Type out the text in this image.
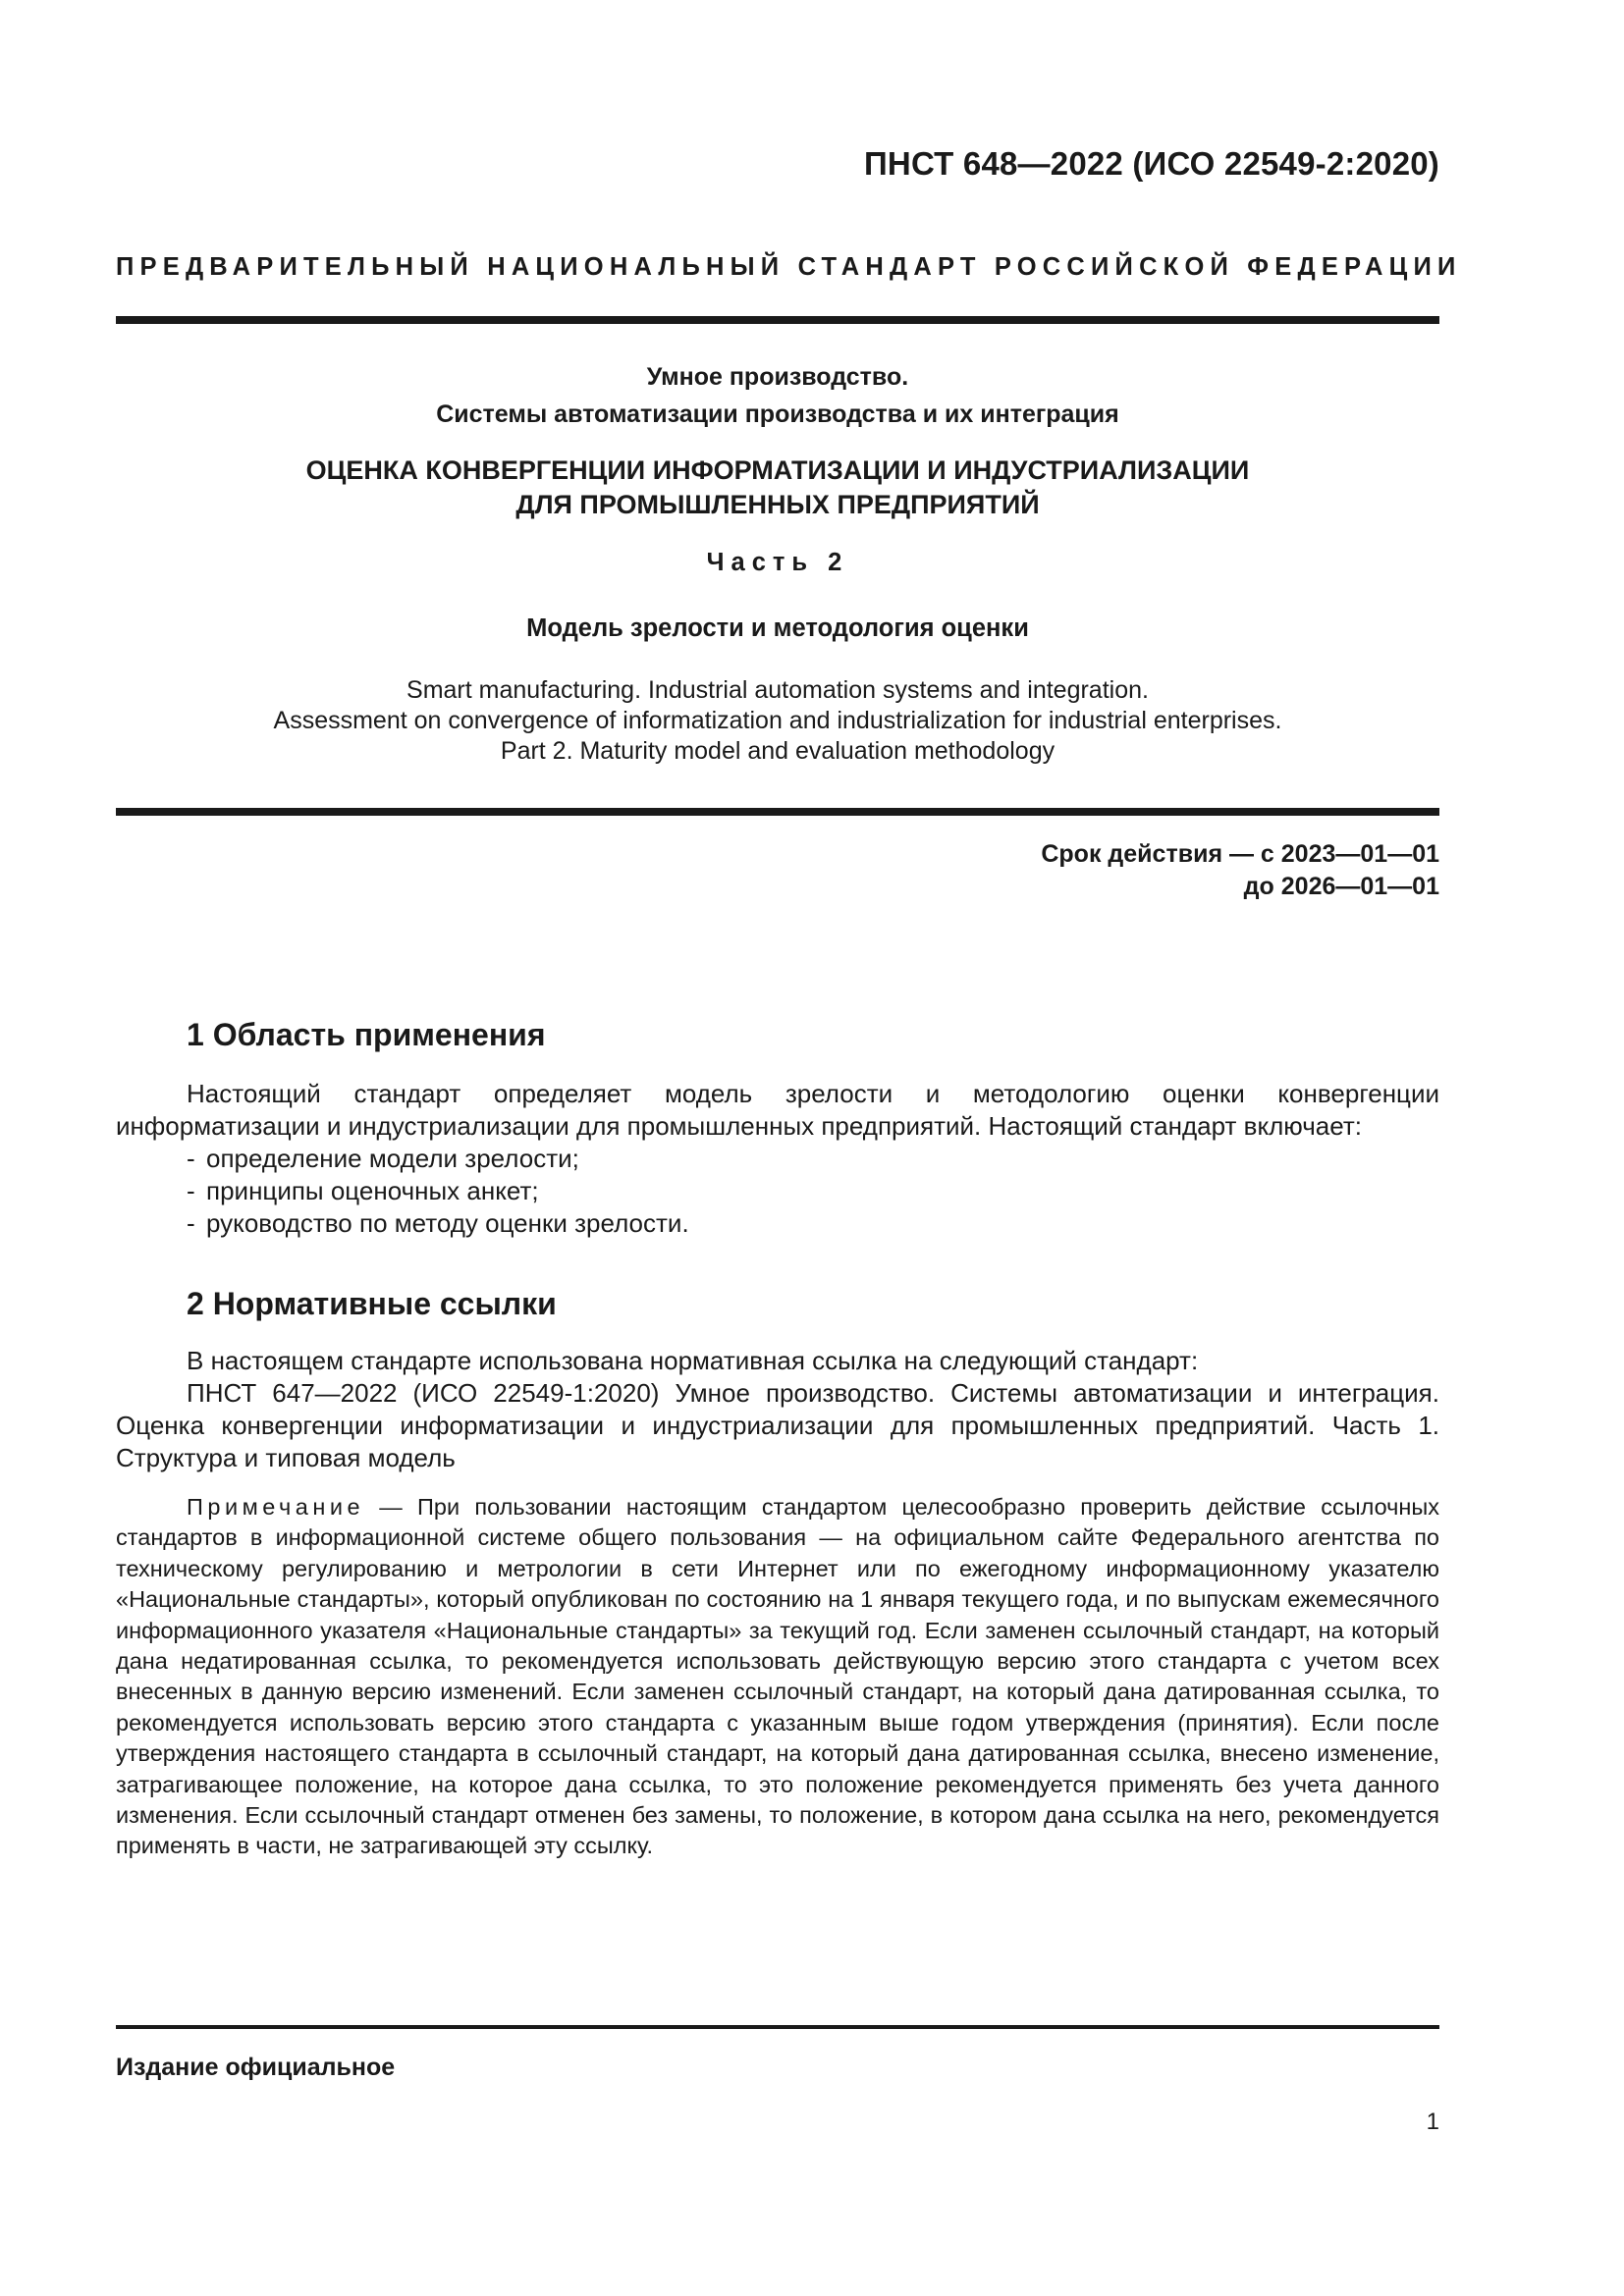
ПНСТ 648—2022 (ИСО 22549-2:2020)
ПРЕДВАРИТЕЛЬНЫЙ НАЦИОНАЛЬНЫЙ СТАНДАРТ РОССИЙСКОЙ ФЕДЕРАЦИИ
Умное производство.
Системы автоматизации производства и их интеграция
ОЦЕНКА КОНВЕРГЕНЦИИ ИНФОРМАТИЗАЦИИ И ИНДУСТРИАЛИЗАЦИИ
ДЛЯ ПРОМЫШЛЕННЫХ ПРЕДПРИЯТИЙ
Часть 2
Модель зрелости и методология оценки
Smart manufacturing. Industrial automation systems and integration.
Assessment on convergence of informatization and industrialization for industrial enterprises.
Part 2. Maturity model and evaluation methodology
Срок действия — с 2023—01—01
до 2026—01—01
1 Область применения

Настоящий стандарт определяет модель зрелости и методологию оценки конвергенции информатизации и индустриализации для промышленных предприятий. Настоящий стандарт включает:

- определение модели зрелости;

- принципы оценочных анкет;

- руководство по методу оценки зрелости.

2 Нормативные ссылки

В настоящем стандарте использована нормативная ссылка на следующий стандарт:

ПНСТ 647—2022 (ИСО 22549-1:2020) Умное производство. Системы автоматизации и интеграция. Оценка конвергенции информатизации и индустриализации для промышленных предприятий. Часть 1. Структура и типовая модель

Примечание — При пользовании настоящим стандартом целесообразно проверить действие ссылочных стандартов в информационной системе общего пользования — на официальном сайте Федерального агентства по техническому регулированию и метрологии в сети Интернет или по ежегодному информационному указателю «Национальные стандарты», который опубликован по состоянию на 1 января текущего года, и по выпускам ежемесячного информационного указателя «Национальные стандарты» за текущий год. Если заменен ссылочный стандарт, на который дана недатированная ссылка, то рекомендуется использовать действующую версию этого стандарта с учетом всех внесенных в данную версию изменений. Если заменен ссылочный стандарт, на который дана датированная ссылка, то рекомендуется использовать версию этого стандарта с указанным выше годом утверждения (принятия). Если после утверждения настоящего стандарта в ссылочный стандарт, на который дана датированная ссылка, внесено изменение, затрагивающее положение, на которое дана ссылка, то это положение рекомендуется применять без учета данного изменения. Если ссылочный стандарт отменен без замены, то положение, в котором дана ссылка на него, рекомендуется применять в части, не затрагивающей эту ссылку.
Издание официальное
1
